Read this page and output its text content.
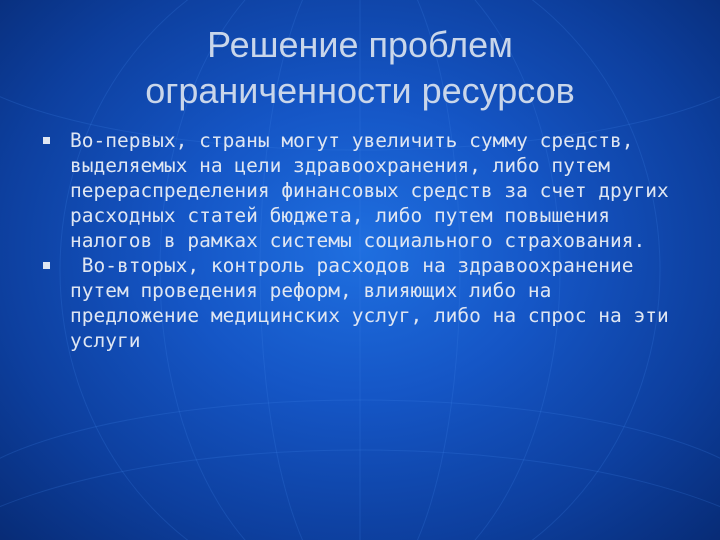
Решение проблем
ограниченности ресурсов
Во-первых, страны могут увеличить сумму средств, выделяемых на цели здравоохранения, либо путем перераспределения финансовых средств за счет других расходных статей бюджета, либо путем повышения налогов в рамках системы социального страхования.
Во-вторых, контроль расходов на здравоохранение путем проведения реформ, влияющих либо на предложение медицинских услуг, либо на спрос на эти услуги
